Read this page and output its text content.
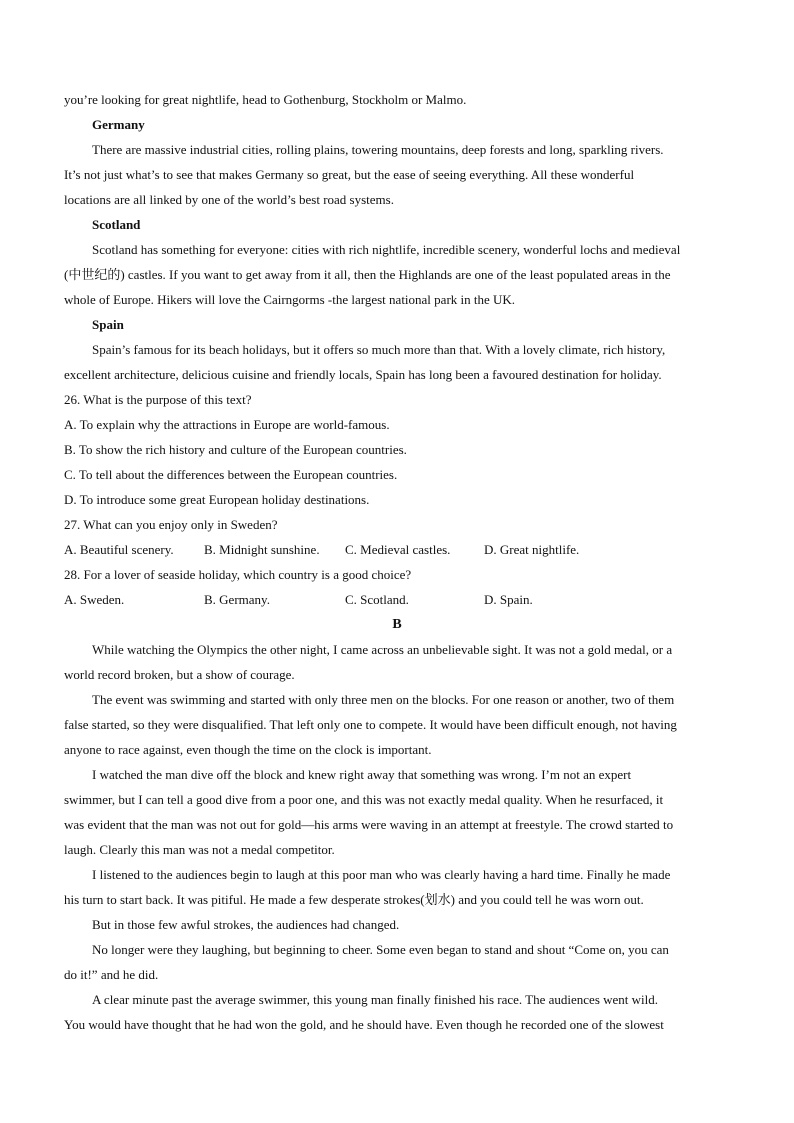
you’re looking for great nightlife, head to Gothenburg, Stockholm or Malmo.
Germany
There are massive industrial cities, rolling plains, towering mountains, deep forests and long, sparkling rivers.
It’s not just what’s to see that makes Germany so great, but the ease of seeing everything. All these wonderful
locations are all linked by one of the world’s best road systems.
Scotland
Scotland has something for everyone: cities with rich nightlife, incredible scenery, wonderful lochs and medieval
(中世纪的) castles. If you want to get away from it all, then the Highlands are one of the least populated areas in the
whole of Europe. Hikers will love the Cairngorms -the largest national park in the UK.
Spain
Spain’s famous for its beach holidays, but it offers so much more than that. With a lovely climate, rich history,
excellent architecture, delicious cuisine and friendly locals, Spain has long been a favoured destination for holiday.
26. What is the purpose of this text?
A. To explain why the attractions in Europe are world-famous.
B. To show the rich history and culture of the European countries.
C. To tell about the differences between the European countries.
D. To introduce some great European holiday destinations.
27. What can you enjoy only in Sweden?
A. Beautiful scenery.	B. Midnight sunshine.	C. Medieval castles.	D. Great nightlife.
28. For a lover of seaside holiday, which country is a good choice?
A. Sweden.	B. Germany.	C. Scotland.	D. Spain.
B
While watching the Olympics the other night, I came across an unbelievable sight. It was not a gold medal, or a
world record broken, but a show of courage.
The event was swimming and started with only three men on the blocks. For one reason or another, two of them
false started, so they were disqualified. That left only one to compete. It would have been difficult enough, not having
anyone to race against, even though the time on the clock is important.
I watched the man dive off the block and knew right away that something was wrong. I’m not an expert
swimmer, but I can tell a good dive from a poor one, and this was not exactly medal quality. When he resurfaced, it
was evident that the man was not out for gold—his arms were waving in an attempt at freestyle. The crowd started to
laugh. Clearly this man was not a medal competitor.
I listened to the audiences begin to laugh at this poor man who was clearly having a hard time. Finally he made
his turn to start back. It was pitiful. He made a few desperate strokes(划水) and you could tell he was worn out.
But in those few awful strokes, the audiences had changed.
No longer were they laughing, but beginning to cheer. Some even began to stand and shout “Come on, you can
do it!” and he did.
A clear minute past the average swimmer, this young man finally finished his race. The audiences went wild.
You would have thought that he had won the gold, and he should have. Even though he recorded one of the slowest
